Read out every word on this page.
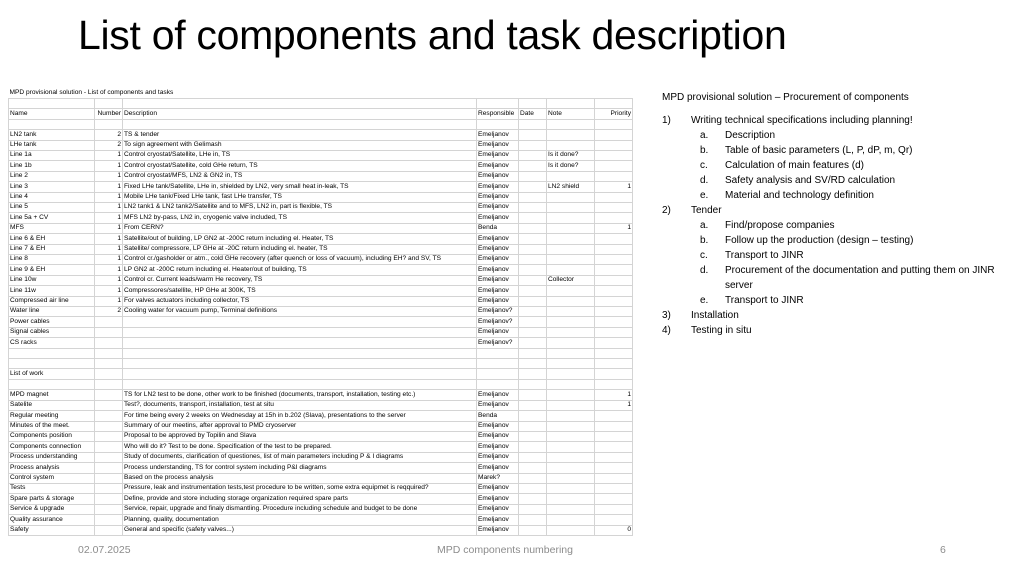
List of components and task description
MPD provisional solution - List of components and tasks						

Name	Number	Description	Responsible	Date	Note	Priority

LN2 tank	2	TS & tender	Emeljanov			
LHe tank	2	To sign agreement with Gelimash	Emeljanov			
Line 1a	1	Control cryostat/Satellite, LHe in, TS	Emeljanov		Is it done?	
Line 1b	1	Control cryostat/Satellite, cold GHe return, TS	Emeljanov		Is it done?	
Line 2	1	Control cryostat/MFS, LN2 & GN2 in, TS	Emeljanov			
Line 3	1	Fixed LHe tank/Satellite, LHe in, shielded by LN2, very small heat in-leak, TS	Emeljanov		LN2 shield	1
Line 4	1	Mobile LHe tank/Fixed LHe tank, fast LHe transfer, TS	Emeljanov			
Line 5	1	LN2 tank1 & LN2 tank2/Satellite and to MFS, LN2 in, part is flexible, TS	Emeljanov			
Line 5a + CV	1	MFS LN2 by-pass, LN2 in, cryogenic valve included, TS	Emeljanov			
MFS	1	From CERN?	Benda			1
Line 6 & EH	1	Satellite/out of building, LP GN2 at -200C return including el. Heater, TS	Emeljanov			
Line 7 & EH	1	Satellite/ compressore, LP GHe at -20C return including el. heater, TS	Emeljanov			
Line 8	1	Control cr./gasholder or atm., cold GHe recovery (after quench or loss of vacuum), including EH? and SV, TS	Emeljanov			
Line 9 & EH	1	LP GN2 at -200C return including el. Heater/out of building, TS	Emeljanov			
Line 10w	1	Control cr. Current leads/warm He recovery, TS	Emeljanov		Collector	
Line 11w	1	Compressores/satellite, HP GHe at 300K, TS	Emeljanov			
Compressed air line	1	For valves actuators including collector, TS	Emeljanov			
Water line	2	Cooling water for vacuum pump, Terminal definitions	Emeljanov?			
Power cables			Emeljanov?			
Signal cables			Emeljanov			
CS racks			Emeljanov?			

List of work						

MPD magnet		TS for LN2 test to be done, other work to be finished (documents, transport, installation, testing etc.)	Emeljanov			1
Satelite		Test?, documents, transport, installation, test at situ	Emeljanov			1
Regular meeting		For time being every 2 weeks on Wednesday at 15h in b.202 (Slava), presentations to the server	Benda			
Minutes of the meet.		Summary of our meetins, after approval to PMD cryoserver	Emeljanov			
Components position		Proposal to be approved by Topilin and Slava	Emeljanov			
Components connection		Who will do it? Test to be done. Specification of the test to be prepared.	Emeljanov			
Process understanding		Study of documents, clarification of questiones, list of main parameters including P & I diagrams	Emeljanov			
Process analysis		Process understanding, TS for control system including P&I diagrams	Emeljanov			
Control system		Based on the process analysis	Marek?			
Tests		Pressure, leak and instrumentation tests,test procedure to be written, some extra equipmet is reqquired?	Emeljanov			
Spare parts & storage		Define, provide and store including storage organization required spare parts	Emeljanov			
Service & upgrade		Service, repair, upgrade and finaly dismantling. Procedure including schedule and budget to be done	Emeljanov			
Quality assurance		Planning, quality, documentation	Emeljanov			
Safety		General and specific (safety valves...)	Emeljanov			0
MPD provisional solution – Procurement of components
1)	Writing technical specifications including planning!
a.	Description
b.	Table of basic parameters (L, P, dP, m, Qr)
c.	Calculation of main features (d)
d.	Safety analysis and SV/RD calculation
e.	Material and technology definition
2)	Tender
a.	Find/propose companies
b.	Follow up the production (design – testing)
c.	Transport to JINR
d.	Procurement of the documentation and putting them on JINR server
e.	Transport to JINR
3)	Installation
4)	Testing in situ
02.07.2025	MPD components numbering	6
